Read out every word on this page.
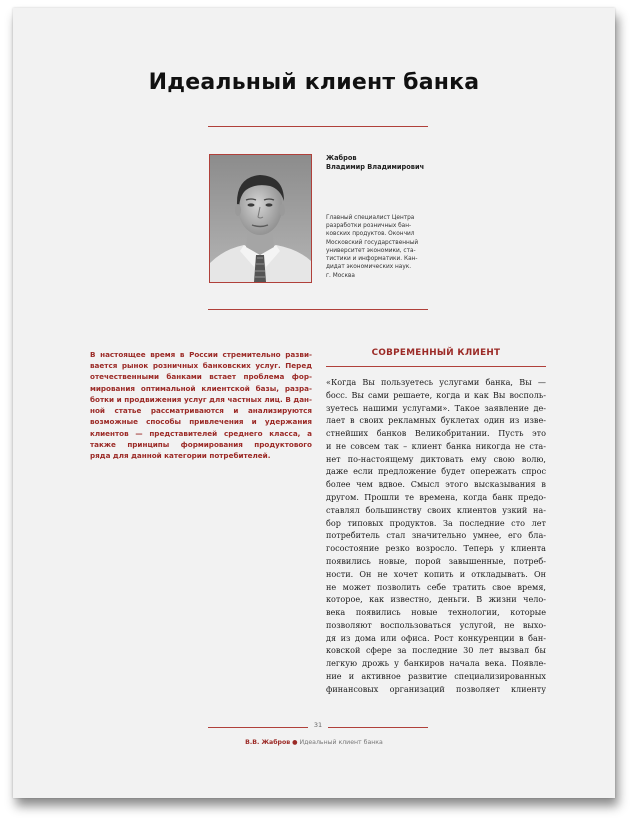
Идеальный клиент банка
Жабров
Владимир Владимирович
Главный специалист Центра
разработки розничных бан-
ковских продуктов. Окончил
Московский государственный
университет экономики, ста-
тистики и информатики. Кан-
дидат экономических наук.
г. Москва
В настоящее время в России стремительно разви-
вается рынок розничных банковских услуг. Перед
отечественными банками встает проблема фор-
мирования оптимальной клиентской базы, разра-
ботки и продвижения услуг для частных лиц. В дан-
ной статье рассматриваются и анализируются
возможные способы привлечения и удержания
клиентов — представителей среднего класса, а
также принципы формирования продуктового
ряда для данной категории потребителей.
СОВРЕМЕННЫЙ КЛИЕНТ
«Когда Вы пользуетесь услугами банка, Вы —
босс. Вы сами решаете, когда и как Вы восполь-
зуетесь нашими услугами». Такое заявление де-
лает в своих рекламных буклетах один из изве-
стнейших банков Великобритании. Пусть это
и не совсем так – клиент банка никогда не ста-
нет по-настоящему диктовать ему свою волю,
даже если предложение будет опережать спрос
более чем вдвое. Смысл этого высказывания в
другом. Прошли те времена, когда банк предо-
ставлял большинству своих клиентов узкий на-
бор типовых продуктов. За последние сто лет
потребитель стал значительно умнее, его бла-
госостояние резко возросло. Теперь у клиента
появились новые, порой завышенные, потреб-
ности. Он не хочет копить и откладывать. Он
не может позволить себе тратить свое время,
которое, как известно, деньги. В жизни чело-
века появились новые технологии, которые
позволяют воспользоваться услугой, не выхо-
дя из дома или офиса. Рост конкуренции в бан-
ковской сфере за последние 30 лет вызвал бы
легкую дрожь у банкиров начала века. Появле-
ние и активное развитие специализированных
финансовых организаций позволяет клиенту
31
В.В. Жабров ● Идеальный клиент банка
